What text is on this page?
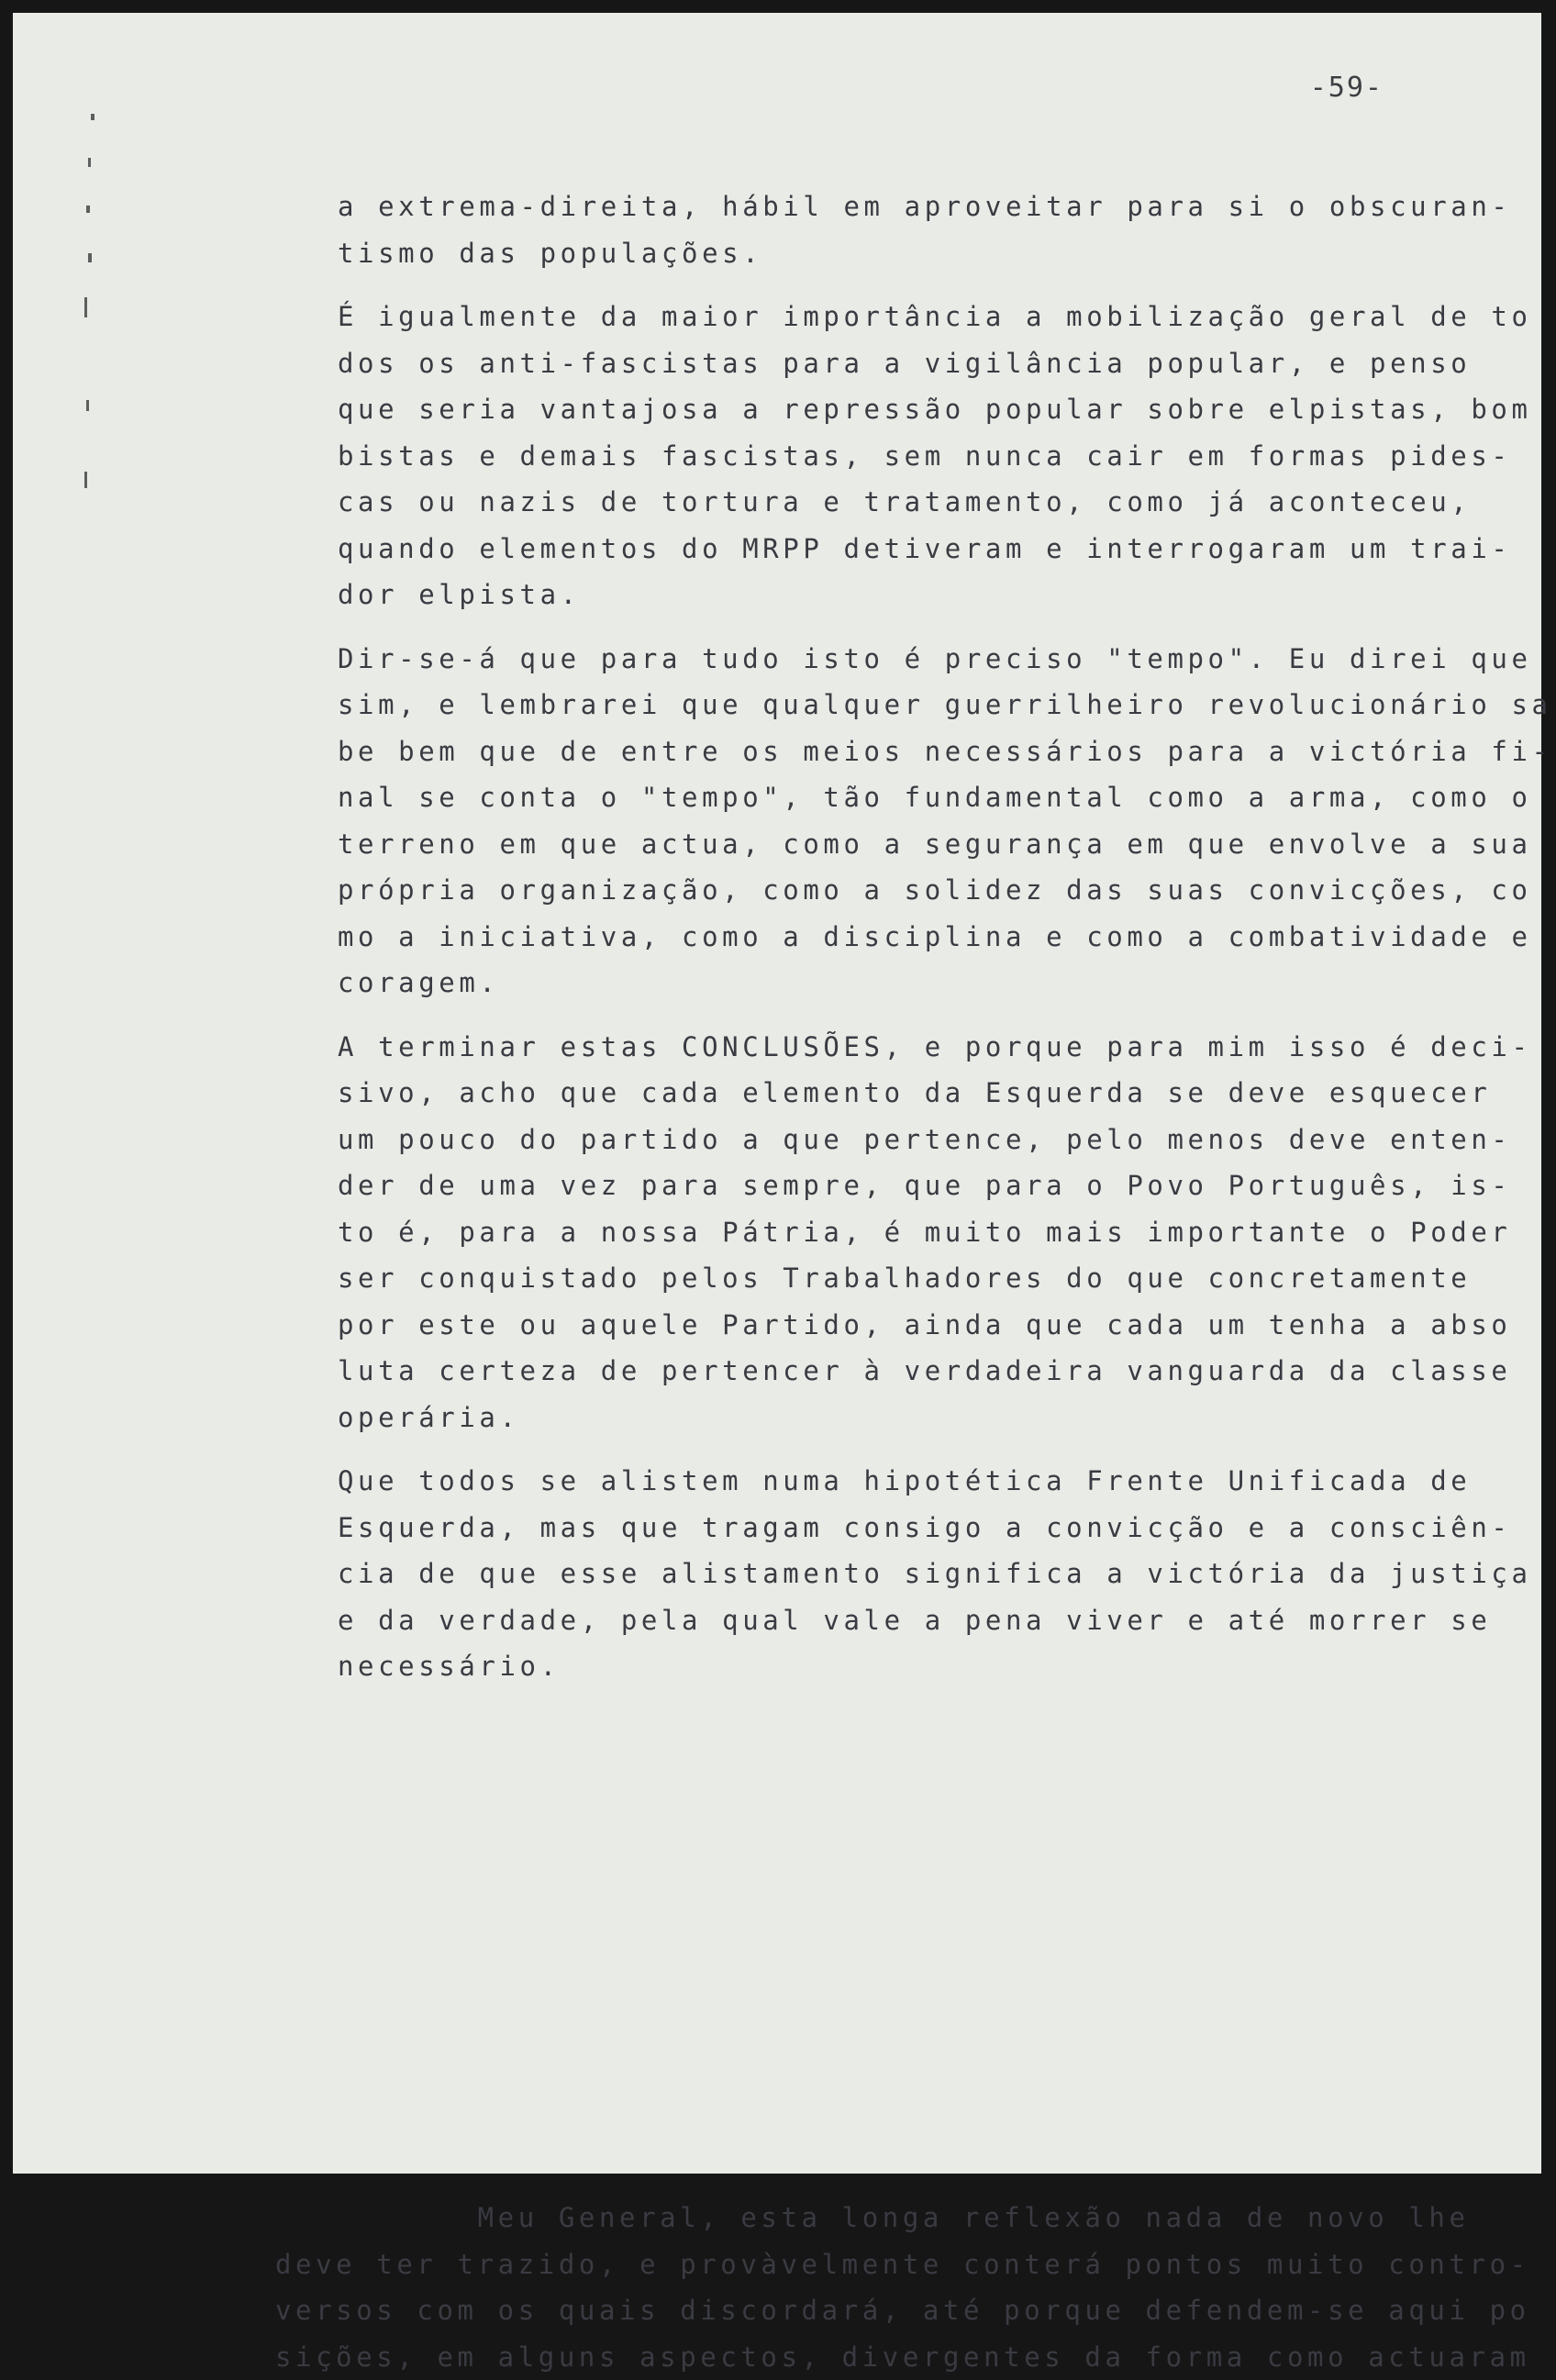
-59-
a extrema-direita, hábil em aproveitar para si o obscuran-
tismo das populações.
É igualmente da maior importância a mobilização geral de to
dos os anti-fascistas para a vigilância popular, e penso
que seria vantajosa a repressão popular sobre elpistas, bom
bistas e demais fascistas, sem nunca cair em formas pides-
cas ou nazis de tortura e tratamento, como já aconteceu,
quando elementos do MRPP detiveram e interrogaram um trai-
dor elpista.
Dir-se-á que para tudo isto é preciso "tempo". Eu direi que
sim, e lembrarei que qualquer guerrilheiro revolucionário sa
be bem que de entre os meios necessários para a victória fi-
nal se conta o "tempo", tão fundamental como a arma, como o
terreno em que actua, como a segurança em que envolve a sua
própria organização, como a solidez das suas convicções, co
mo a iniciativa, como a disciplina e como a combatividade e
coragem.
A terminar estas CONCLUSÕES, e porque para mim isso é deci-
sivo, acho que cada elemento da Esquerda se deve esquecer
um pouco do partido a que pertence, pelo menos deve enten-
der de uma vez para sempre, que para o Povo Português, is-
to é, para a nossa Pátria, é muito mais importante o Poder
ser conquistado pelos Trabalhadores do que concretamente
por este ou aquele Partido, ainda que cada um tenha a abso
luta certeza de pertencer à verdadeira vanguarda da classe
operária.
Que todos se alistem numa hipotética Frente Unificada de
Esquerda, mas que tragam consigo a convicção e a consciên-
cia de que esse alistamento significa a victória da justiça
e da verdade, pela qual vale a pena viver e até morrer se
necessário.
Meu General, esta longa reflexão nada de novo lhe
deve ter trazido, e provàvelmente conterá pontos muito contro-
versos com os quais discordará, até porque defendem-se aqui po
sições, em alguns aspectos, divergentes da forma como actuaram
